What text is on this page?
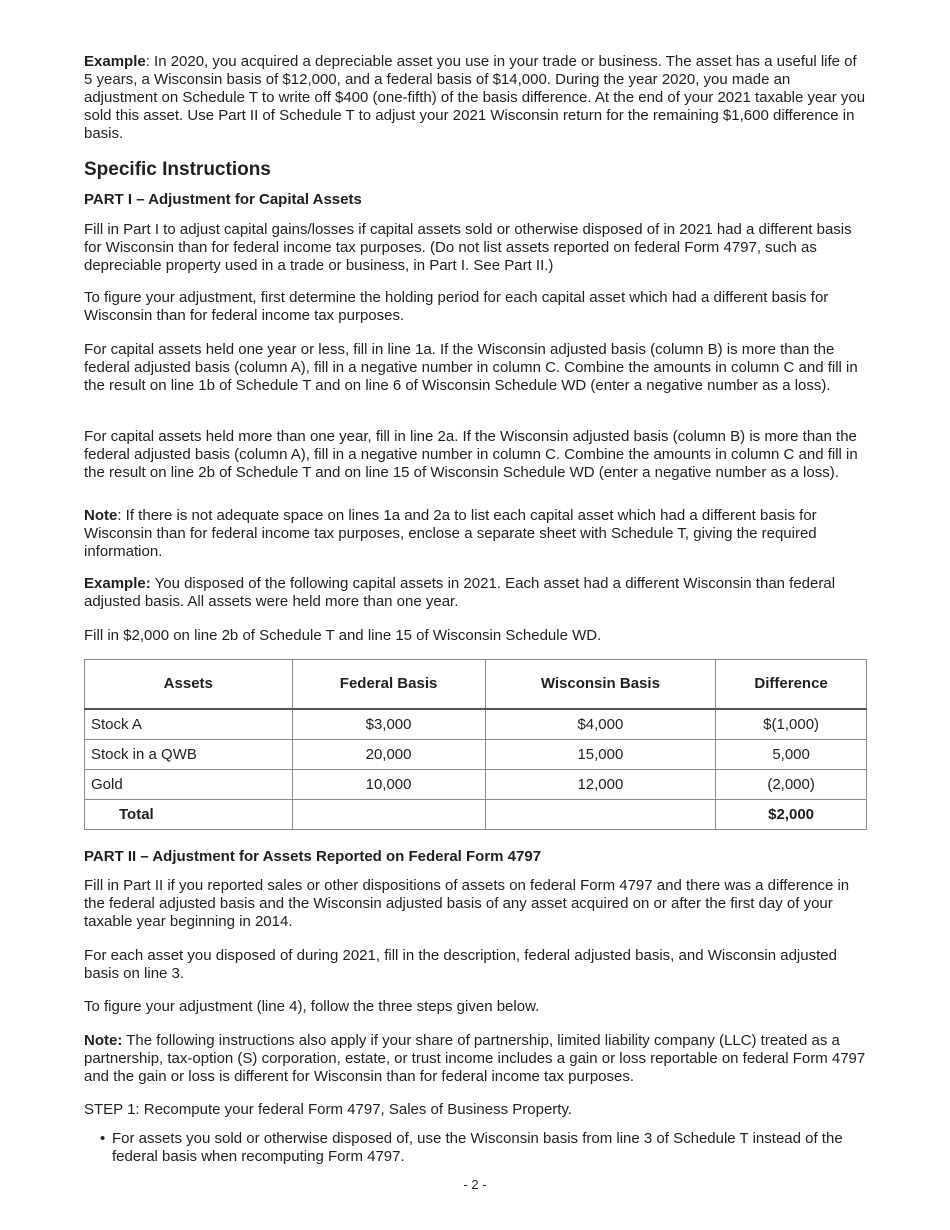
Example: In 2020, you acquired a depreciable asset you use in your trade or business. The asset has a useful life of 5 years, a Wisconsin basis of $12,000, and a federal basis of $14,000. During the year 2020, you made an adjustment on Schedule T to write off $400 (one-fifth) of the basis difference. At the end of your 2021 taxable year you sold this asset. Use Part II of Schedule T to adjust your 2021 Wisconsin return for the remaining $1,600 difference in basis.

Specific Instructions
PART I – Adjustment for Capital Assets

Fill in Part I to adjust capital gains/losses if capital assets sold or otherwise disposed of in 2021 had a different basis for Wisconsin than for federal income tax purposes. (Do not list assets reported on federal Form 4797, such as depreciable property used in a trade or business, in Part I. See Part II.)

To figure your adjustment, first determine the holding period for each capital asset which had a different basis for Wisconsin than for federal income tax purposes.

For capital assets held one year or less, fill in line 1a. If the Wisconsin adjusted basis (column B) is more than the federal adjusted basis (column A), fill in a negative number in column C. Combine the amounts in column C and fill in the result on line 1b of Schedule T and on line 6 of Wisconsin Schedule WD (enter a negative number as a loss).

For capital assets held more than one year, fill in line 2a. If the Wisconsin adjusted basis (column B) is more than the federal adjusted basis (column A), fill in a negative number in column C. Combine the amounts in column C and fill in the result on line 2b of Schedule T and on line 15 of Wisconsin Schedule WD (enter a negative number as a loss).

Note: If there is not adequate space on lines 1a and 2a to list each capital asset which had a different basis for Wisconsin than for federal income tax purposes, enclose a separate sheet with Schedule T, giving the required information.

Example: You disposed of the following capital assets in 2021. Each asset had a different Wisconsin than federal adjusted basis. All assets were held more than one year.

Fill in $2,000 on line 2b of Schedule T and line 15 of Wisconsin Schedule WD.

Assets	Federal Basis	Wisconsin Basis	Difference
Stock A	$3,000	$4,000	$(1,000)
Stock in a QWB	20,000	15,000	5,000
Gold	10,000	12,000	(2,000)
Total			$2,000
PART II – Adjustment for Assets Reported on Federal Form 4797

Fill in Part II if you reported sales or other dispositions of assets on federal Form 4797 and there was a difference in the federal adjusted basis and the Wisconsin adjusted basis of any asset acquired on or after the first day of your taxable year beginning in 2014.

For each asset you disposed of during 2021, fill in the description, federal adjusted basis, and Wisconsin adjusted basis on line 3.

To figure your adjustment (line 4), follow the three steps given below.

Note: The following instructions also apply if your share of partnership, limited liability company (LLC) treated as a partnership, tax-option (S) corporation, estate, or trust income includes a gain or loss reportable on federal Form 4797 and the gain or loss is different for Wisconsin than for federal income tax purposes.

STEP 1: Recompute your federal Form 4797, Sales of Business Property.

• For assets you sold or otherwise disposed of, use the Wisconsin basis from line 3 of Schedule T instead of the federal basis when recomputing Form 4797.

- 2 -
